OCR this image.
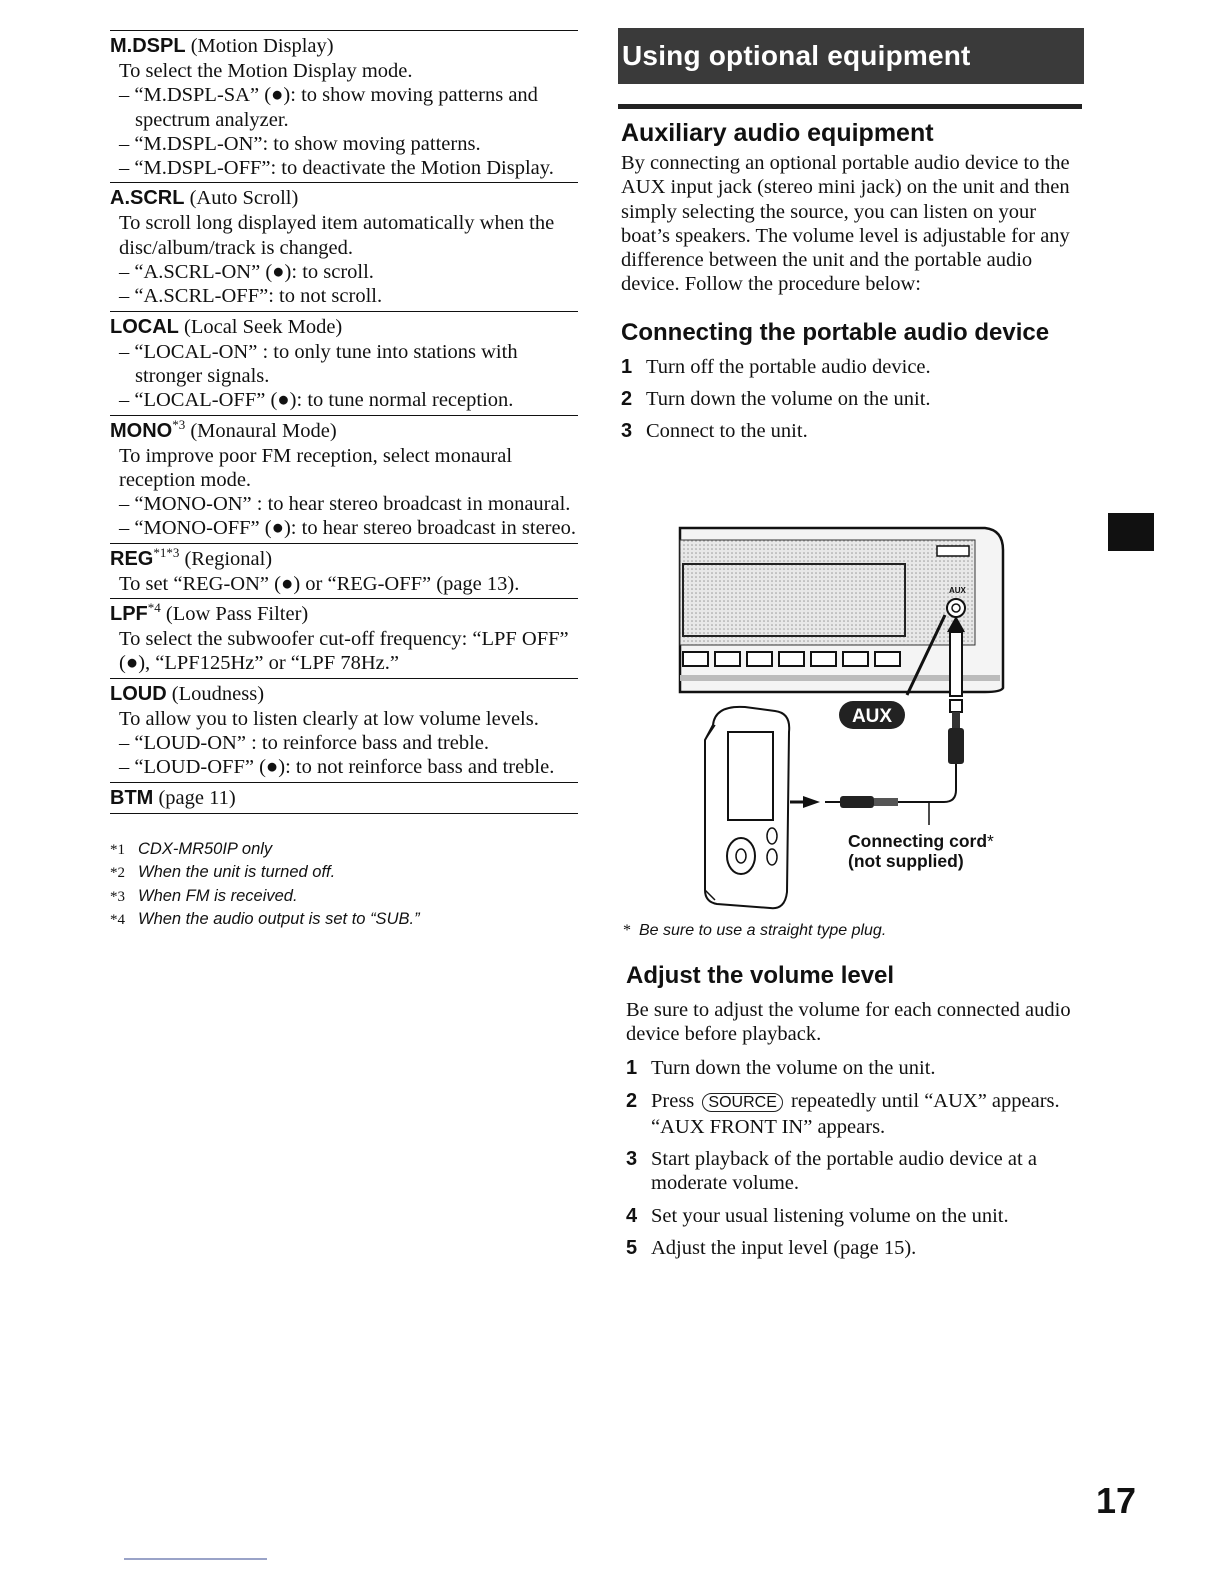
M.DSPL (Motion Display)
To select the Motion Display mode.
– “M.DSPL-SA” (●): to show moving patterns and spectrum analyzer.
– “M.DSPL-ON”: to show moving patterns.
– “M.DSPL-OFF”: to deactivate the Motion Display.
A.SCRL (Auto Scroll)
To scroll long displayed item automatically when the disc/album/track is changed.
– “A.SCRL-ON” (●): to scroll.
– “A.SCRL-OFF”: to not scroll.
LOCAL (Local Seek Mode)
– “LOCAL-ON” : to only tune into stations with stronger signals.
– “LOCAL-OFF” (●): to tune normal reception.
MONO$^{*3}$ (Monaural Mode)
To improve poor FM reception, select monaural reception mode.
– “MONO-ON” : to hear stereo broadcast in monaural.
– “MONO-OFF” (●): to hear stereo broadcast in stereo.
$REG^{*1*3}$ (Regional)
To set “REG-ON” (●) or “REG-OFF” (page 13).
LPF$^{*4}$ (Low Pass Filter)
To select the subwoofer cut-off frequency: “LPF OFF” (●), “LPF125Hz” or “LPF 78Hz.”
LOUD (Loudness)
To allow you to listen clearly at low volume levels.
– “LOUD-ON” : to reinforce bass and treble.
– “LOUD-OFF” (●): to not reinforce bass and treble.
BTM (page 11)
*1 CDX-MR50IP only
*2 When the unit is turned off.
*3 When FM is received.
*4 When the audio output is set to “SUB.”
Using optional equipment
Auxiliary audio equipment

By connecting an optional portable audio device to the AUX input jack (stereo mini jack) on the unit and then simply selecting the source, you can listen on your boat’s speakers. The volume level is adjustable for any difference between the unit and the portable audio device. Follow the procedure below:

Connecting the portable audio device
1 Turn off the portable audio device.
2 Turn down the volume on the unit.
3 Connect to the unit.
* Be sure to use a straight type plug.
Adjust the volume level

Be sure to adjust the volume for each connected audio device before playback.

1 Turn down the volume on the unit.
2 Press SOURCE repeatedly until “AUX” appears.
“AUX FRONT IN” appears.
3 Start playback of the portable audio device at a moderate volume.
4 Set your usual listening volume on the unit.
5 Adjust the input level (page 15).
AUX
AUX
Connecting cord*
(not supplied)
17
